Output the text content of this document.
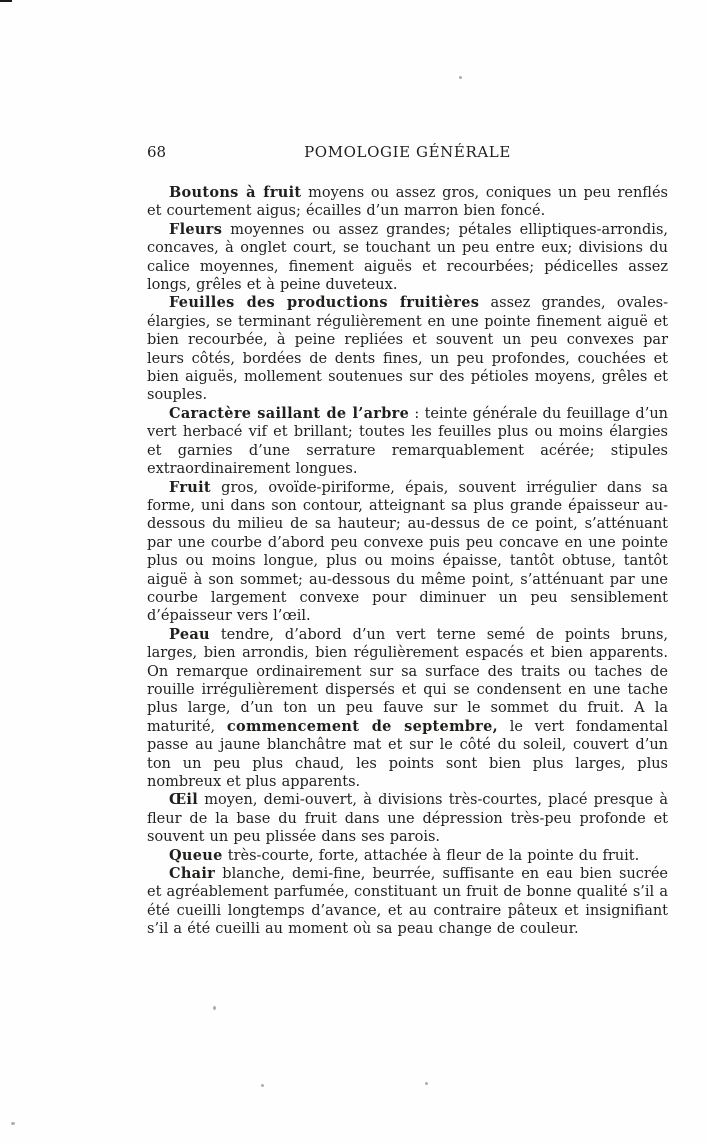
68	POMOLOGIE GÉNÉRALE

Boutons à fruit moyens ou assez gros, coniques un peu renflés et courtement aigus; écailles d’un marron bien foncé.

Fleurs moyennes ou assez grandes; pétales elliptiques-arrondis, concaves, à onglet court, se touchant un peu entre eux; divisions du calice moyennes, finement aiguës et recourbées; pédicelles assez longs, grêles et à peine duveteux.

Feuilles des productions fruitières assez grandes, ovales-élargies, se terminant régulièrement en une pointe finement aiguë et bien recourbée, à peine repliées et souvent un peu convexes par leurs côtés, bordées de dents fines, un peu profondes, couchées et bien aiguës, mollement soutenues sur des pétioles moyens, grêles et souples.

Caractère saillant de l’arbre : teinte générale du feuillage d’un vert herbacé vif et brillant; toutes les feuilles plus ou moins élargies et garnies d’une serrature remarquablement acérée; stipules extraordinairement longues.

Fruit gros, ovoïde-piriforme, épais, souvent irrégulier dans sa forme, uni dans son contour, atteignant sa plus grande épaisseur au-dessous du milieu de sa hauteur; au-dessus de ce point, s’atténuant par une courbe d’abord peu convexe puis peu concave en une pointe plus ou moins longue, plus ou moins épaisse, tantôt obtuse, tantôt aiguë à son sommet; au-dessous du même point, s’atténuant par une courbe largement convexe pour diminuer un peu sensiblement d’épaisseur vers l’œil.

Peau tendre, d’abord d’un vert terne semé de points bruns, larges, bien arrondis, bien régulièrement espacés et bien apparents. On remarque ordinairement sur sa surface des traits ou taches de rouille irrégulièrement dispersés et qui se condensent en une tache plus large, d’un ton un peu fauve sur le sommet du fruit. A la maturité, commencement de septembre, le vert fondamental passe au jaune blanchâtre mat et sur le côté du soleil, couvert d’un ton un peu plus chaud, les points sont bien plus larges, plus nombreux et plus apparents.

Œil moyen, demi-ouvert, à divisions très-courtes, placé presque à fleur de la base du fruit dans une dépression très-peu profonde et souvent un peu plissée dans ses parois.

Queue très-courte, forte, attachée à fleur de la pointe du fruit.

Chair blanche, demi-fine, beurrée, suffisante en eau bien sucrée et agréablement parfumée, constituant un fruit de bonne qualité s’il a été cueilli longtemps d’avance, et au contraire pâteux et insignifiant s’il a été cueilli au moment où sa peau change de couleur.
